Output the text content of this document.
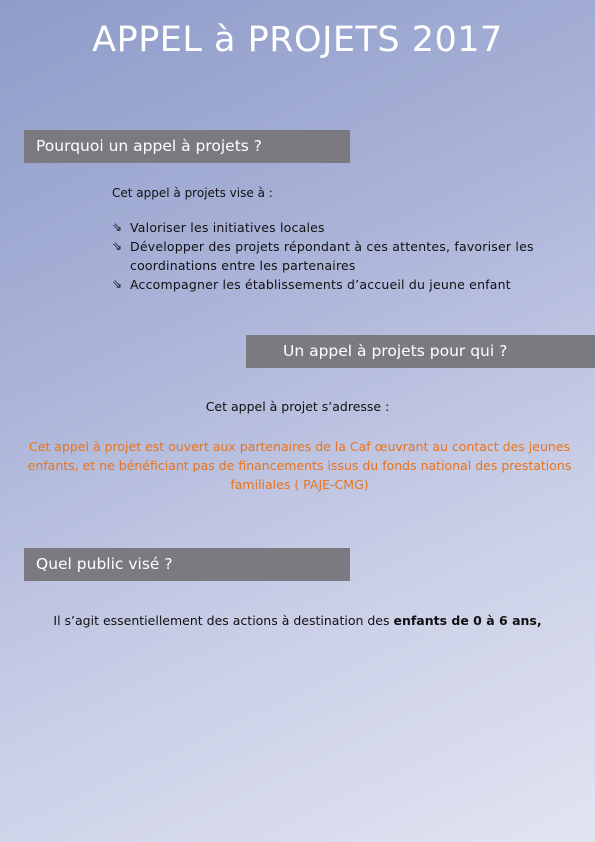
APPEL à PROJETS 2017
Pourquoi un appel à projets ?
Cet appel à projets vise à :
⇘ Valoriser les initiatives locales
⇘ Développer des projets répondant à ces attentes, favoriser les coordinations entre les partenaires
⇘ Accompagner les établissements d’accueil du jeune enfant
Un appel à projets pour qui ?
Cet appel à projet s’adresse :
Cet appel à projet est ouvert aux partenaires de la Caf œuvrant au contact des jeunes enfants, et ne bénéficiant pas de financements issus du fonds national des prestations familiales ( PAJE-CMG)
Quel public visé ?
Il s’agit essentiellement des actions à destination des enfants de 0 à 6 ans,
